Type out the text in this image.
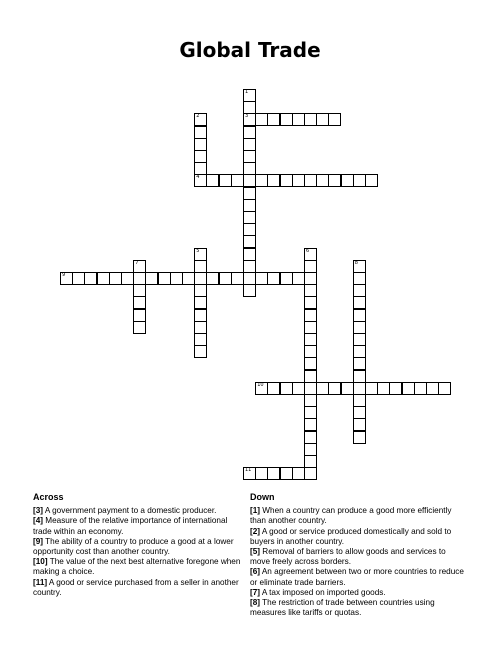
Global Trade
1
3
2
4
5	6
7	8
9
10
11
Across

[3] A government payment to a domestic producer.

[4] Measure of the relative importance of international trade within an economy.

[9] The ability of a country to produce a good at a lower opportunity cost than another country.

[10] The value of the next best alternative foregone when making a choice.

[11] A good or service purchased from a seller in another country.

Down

[1] When a country can produce a good more efficiently than another country.

[2] A good or service produced domestically and sold to buyers in another country.

[5] Removal of barriers to allow goods and services to move freely across borders.

[6] An agreement between two or more countries to reduce or eliminate trade barriers.

[7] A tax imposed on imported goods.

[8] The restriction of trade between countries using measures like tariffs or quotas.
